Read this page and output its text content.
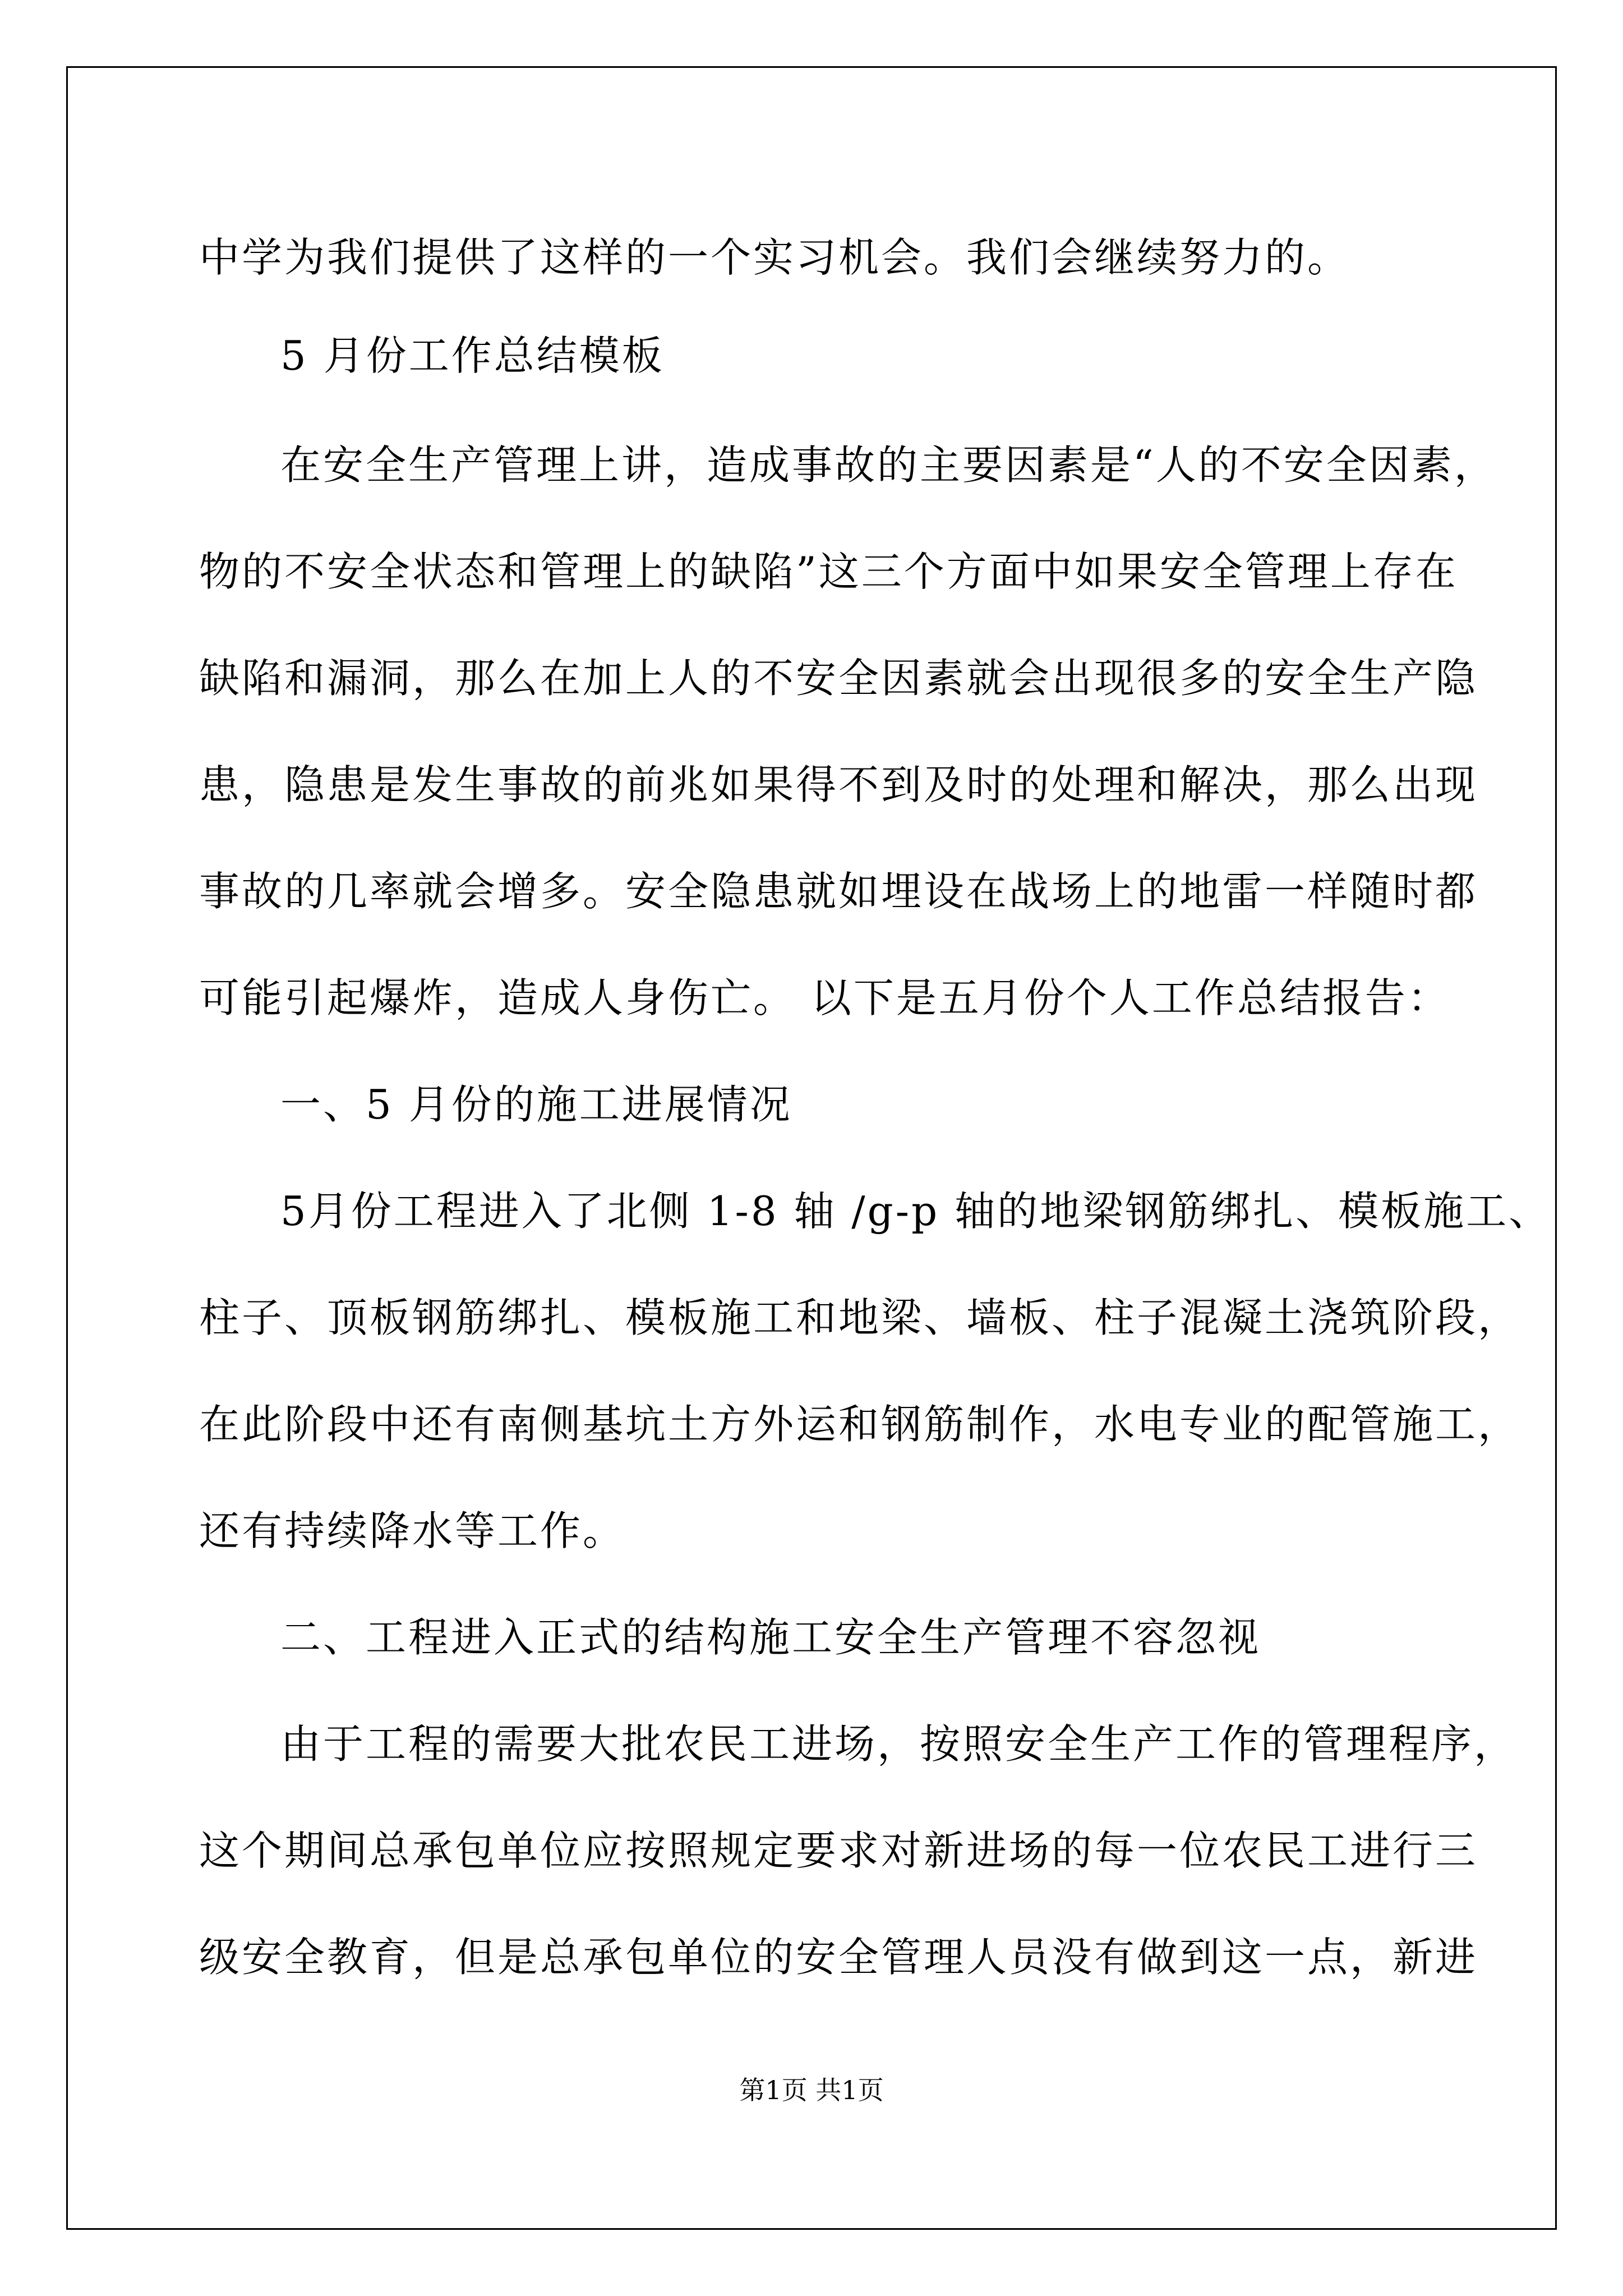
中学为我们提供了这样的一个实习机会。我们会继续努力的。
5 月份工作总结模板
在安全生产管理上讲，造成事故的主要因素是“人的不安全因素，
物的不安全状态和管理上的缺陷”这三个方面中如果安全管理上存在
缺陷和漏洞，那么在加上人的不安全因素就会出现很多的安全生产隐
患，隐患是发生事故的前兆如果得不到及时的处理和解决，那么出现
事故的几率就会增多。安全隐患就如埋设在战场上的地雷一样随时都
可能引起爆炸，造成人身伤亡。 以下是五月份个人工作总结报告：
一、5 月份的施工进展情况
5月份工程进入了北侧 1-8 轴 /g-p 轴的地梁钢筋绑扎、模板施工、
柱子、顶板钢筋绑扎、模板施工和地梁、墙板、柱子混凝土浇筑阶段，
在此阶段中还有南侧基坑土方外运和钢筋制作，水电专业的配管施工，
还有持续降水等工作。
二、工程进入正式的结构施工安全生产管理不容忽视
由于工程的需要大批农民工进场，按照安全生产工作的管理程序，
这个期间总承包单位应按照规定要求对新进场的每一位农民工进行三
级安全教育，但是总承包单位的安全管理人员没有做到这一点，新进
第1页 共1页
